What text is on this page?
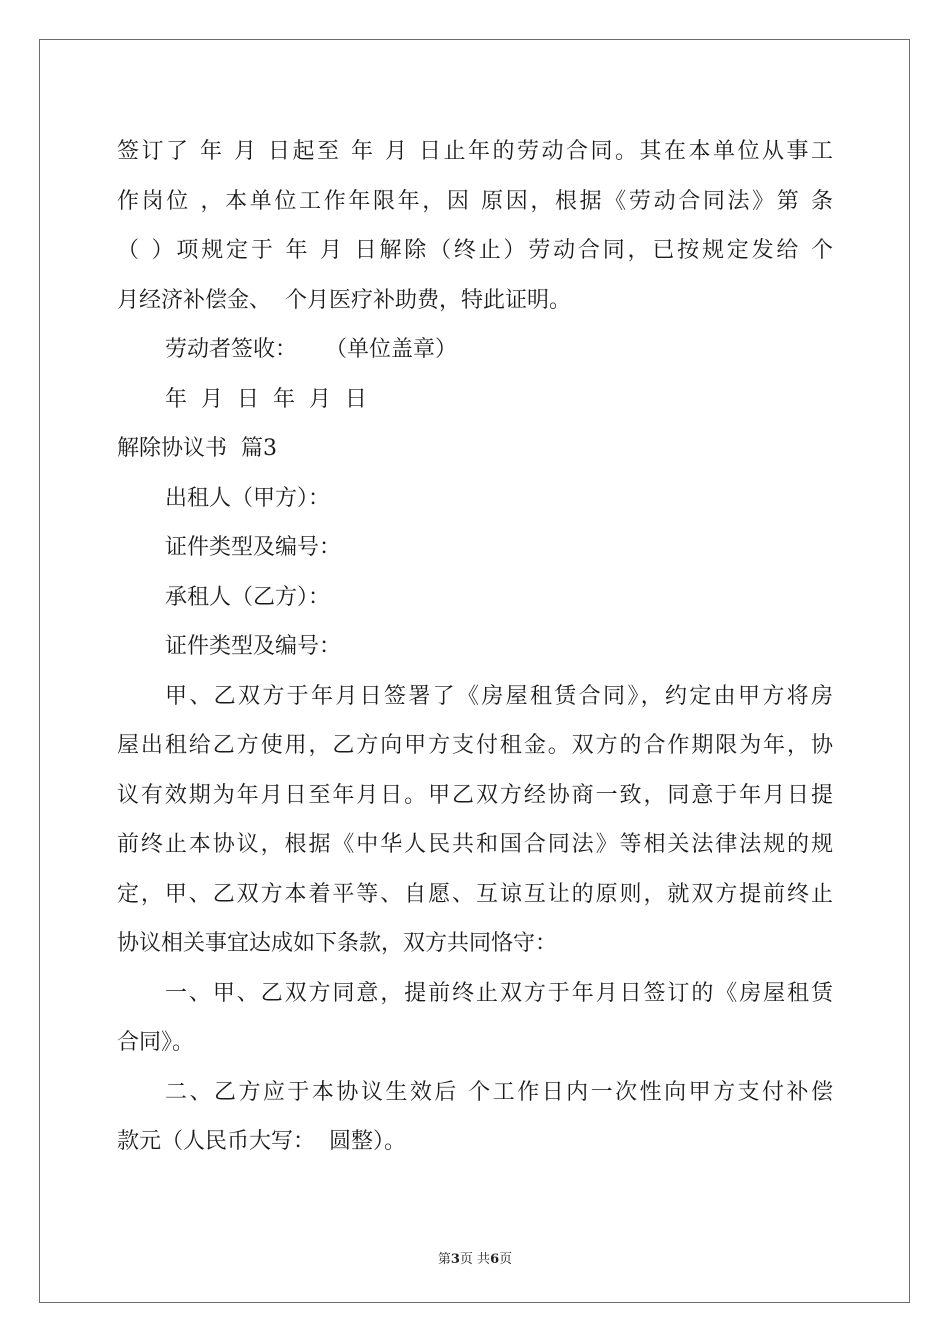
签订了 年 月 日起至 年 月 日止年的劳动合同。其在本单位从事工
作岗位 ，本单位工作年限年，因 原因，根据《劳动合同法》第 条
（ ）项规定于 年 月 日解除（终止）劳动合同，已按规定发给 个
月经济补偿金、  个月医疗补助费，特此证明。
劳动者签收：    （单位盖章）
年  月  日  年  月  日
解除协议书  篇3
出租人（甲方）：
证件类型及编号：
承租人（乙方）：
证件类型及编号：
甲、乙双方于年月日签署了《房屋租赁合同》，约定由甲方将房
屋出租给乙方使用，乙方向甲方支付租金。双方的合作期限为年，协
议有效期为年月日至年月日。甲乙双方经协商一致，同意于年月日提
前终止本协议，根据《中华人民共和国合同法》等相关法律法规的规
定，甲、乙双方本着平等、自愿、互谅互让的原则，就双方提前终止
协议相关事宜达成如下条款，双方共同恪守：
一、甲、乙双方同意，提前终止双方于年月日签订的《房屋租赁
合同》。
二、乙方应于本协议生效后 个工作日内一次性向甲方支付补偿
款元（人民币大写：  圆整）。
第3页 共6页
